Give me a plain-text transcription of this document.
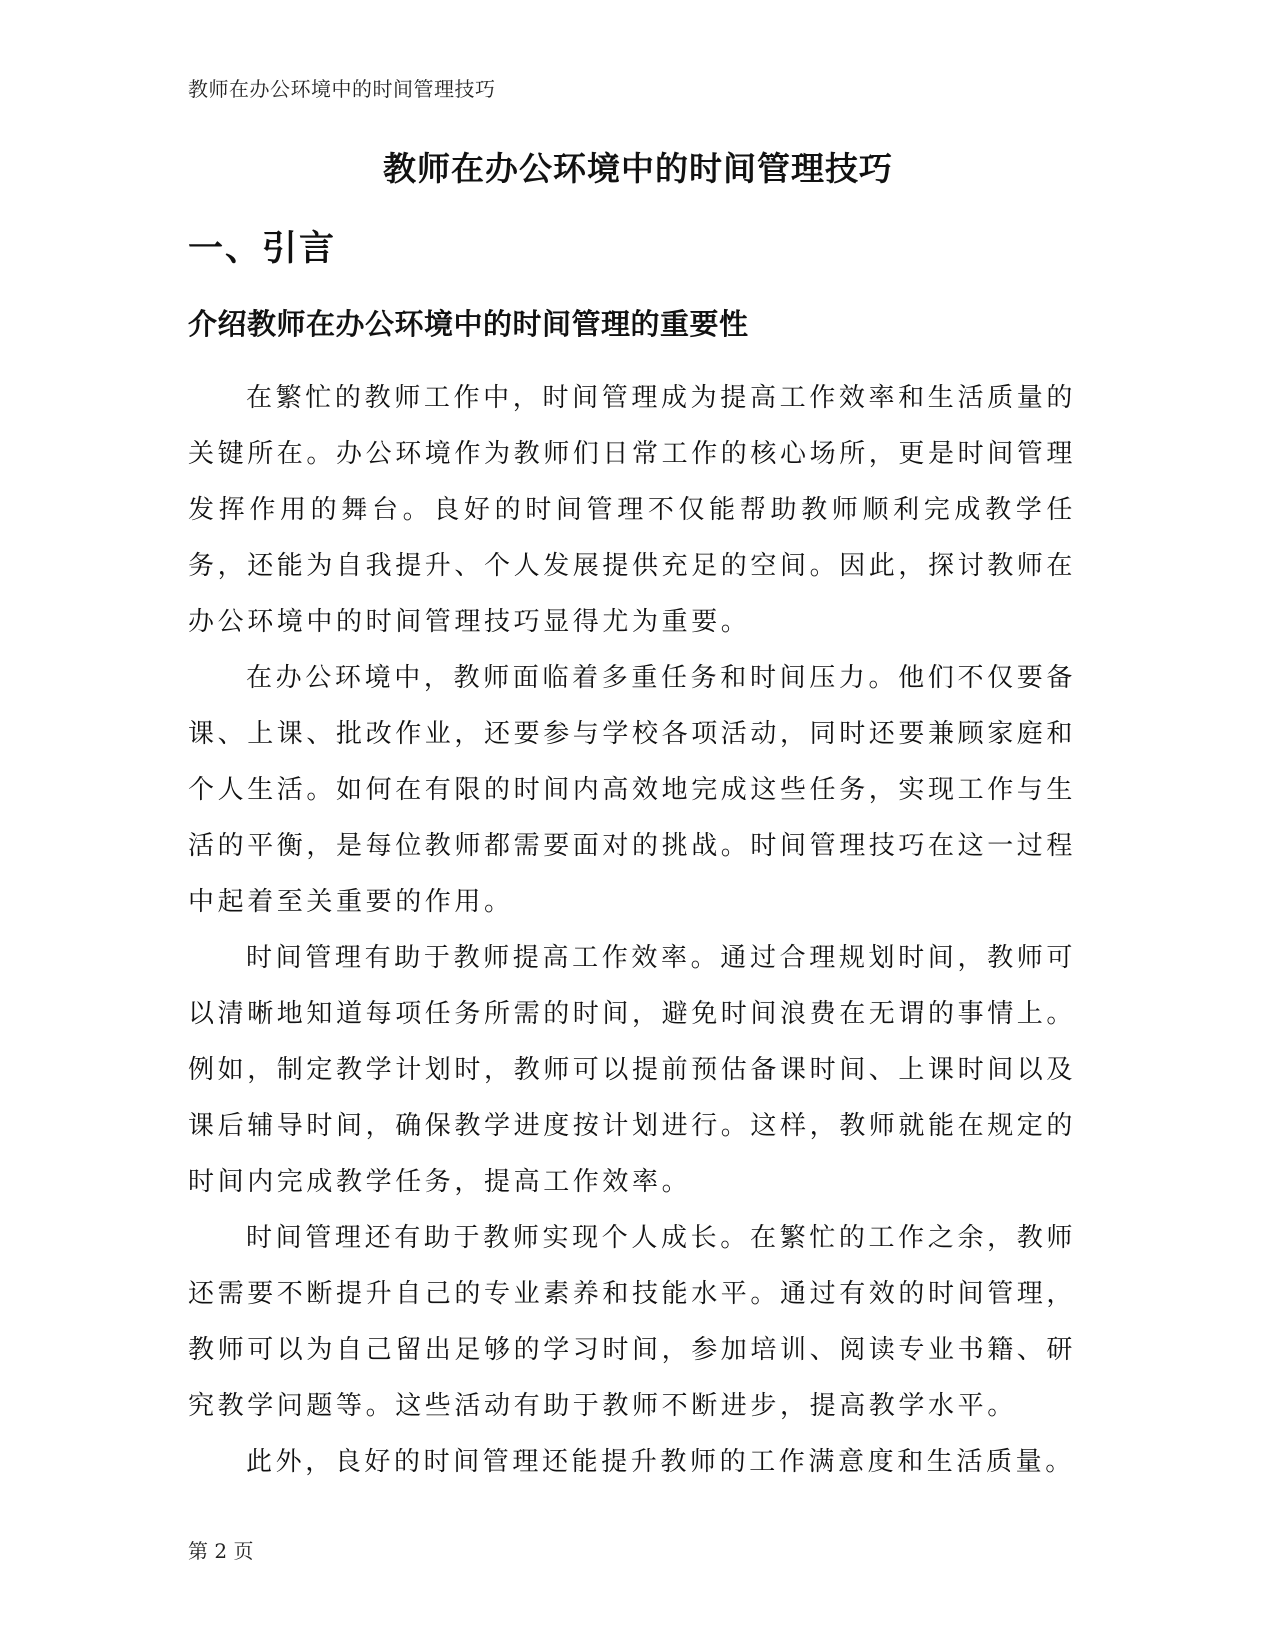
教师在办公环境中的时间管理技巧
教师在办公环境中的时间管理技巧
一、引言
介绍教师在办公环境中的时间管理的重要性

在繁忙的教师工作中，时间管理成为提高工作效率和生活质量的关键所在。办公环境作为教师们日常工作的核心场所，更是时间管理发挥作用的舞台。良好的时间管理不仅能帮助教师顺利完成教学任务，还能为自我提升、个人发展提供充足的空间。因此，探讨教师在办公环境中的时间管理技巧显得尤为重要。

在办公环境中，教师面临着多重任务和时间压力。他们不仅要备课、上课、批改作业，还要参与学校各项活动，同时还要兼顾家庭和个人生活。如何在有限的时间内高效地完成这些任务，实现工作与生活的平衡，是每位教师都需要面对的挑战。时间管理技巧在这一过程中起着至关重要的作用。

时间管理有助于教师提高工作效率。通过合理规划时间，教师可以清晰地知道每项任务所需的时间，避免时间浪费在无谓的事情上。例如，制定教学计划时，教师可以提前预估备课时间、上课时间以及课后辅导时间，确保教学进度按计划进行。这样，教师就能在规定的时间内完成教学任务，提高工作效率。

时间管理还有助于教师实现个人成长。在繁忙的工作之余，教师还需要不断提升自己的专业素养和技能水平。通过有效的时间管理，教师可以为自己留出足够的学习时间，参加培训、阅读专业书籍、研究教学问题等。这些活动有助于教师不断进步，提高教学水平。

此外，良好的时间管理还能提升教师的工作满意度和生活质量。

第 2 页
